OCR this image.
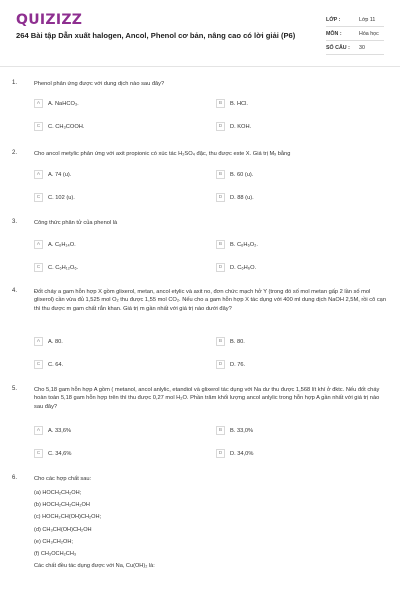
QUIZIZZ
264 Bài tập Dẫn xuất halogen, Ancol, Phenol cơ bản, nâng cao có lời giải (P6)
LỚP :	Lớp 11
MÔN :	Hóa học
SỐ CÂU :	30
1.	Phenol phản ứng được với dung dịch nào sau đây?
A	A. NaHCO₃.	B	B. HCl.
C	C. CH₃COOH.	D	D. KOH.
2.	Cho ancol metylic phản ứng với axit propionic có xúc tác H₂SO₄ đặc, thu được este X. Giá trị Mₓ bằng
A	A. 74 (u).	B	B. 60 (u).
C	C. 102 (u).	D	D. 88 (u).
3.	Công thức phân tử của phenol là
A	A. C₆H₁₄O.	B	B. C₆H₆O₂.
C	C. C₆H₁₂O₆.	D	D. C₆H₆O.
4.	Đốt cháy a gam hỗn hợp X gồm glixerol, metan, ancol etylic và axit no, đơn chức mạch hở Y (trong đó số mol metan gấp 2 lần số mol glixerol) cần vừa đủ 1,525 mol O₂ thu được 1,55 mol CO₂. Nếu cho a gam hỗn hợp X tác dụng với 400 ml dung dịch NaOH 2,5M, rồi cô cạn thì thu được m gam chất rắn khan. Giá trị m gần nhất với giá trị nào dưới đây?
A	A. 80.	B	B. 80.
C	C. 64.	D	D. 76.
5.	Cho 5,18 gam hỗn hợp A gồm ( metanol, ancol anlylic, etandiol và glixerol tác dụng với Na dư thu được 1,568 lít khí ở đktc. Nếu đốt cháy hoàn toàn 5,18 gam hỗn hợp trên thì thu được 0,27 mol H₂O. Phần trăm khối lượng ancol anlylic trong hỗn hợp A gần nhất với giá trị nào sau đây?
A	A. 33,6%	B	B. 33,0%
C	C. 34,6%	D	D. 34,0%
6.	Cho các hợp chất sau:
(a) HOCH₂CH₂OH;
(b) HOCH₂CH₂CH₂OH
(c) HOCH₂CH(OH)CH₂OH;
(d) CH₃CH(OH)CH₂OH
(e) CH₃CH₂OH;
(f) CH₃OCH₂CH₃
Các chất đều tác dụng được với Na, Cu(OH)₂ là:
